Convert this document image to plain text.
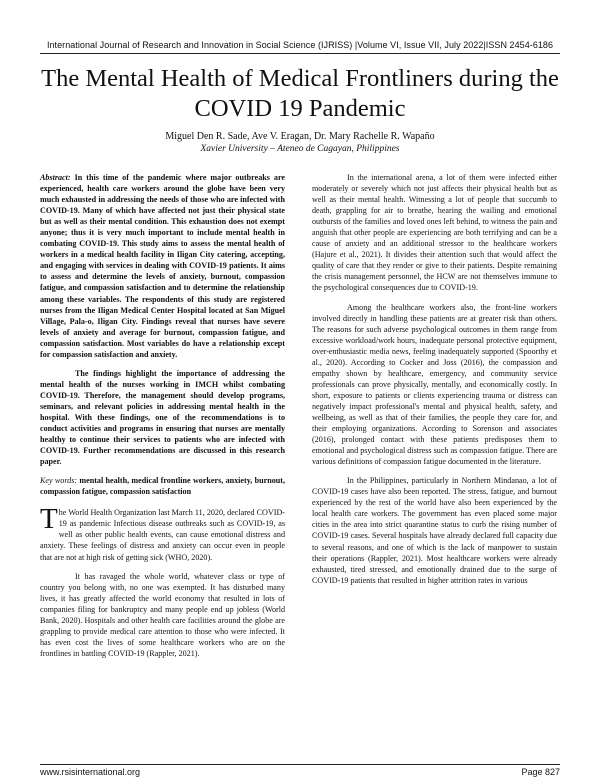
International Journal of Research and Innovation in Social Science (IJRISS) |Volume VI, Issue VII, July 2022|ISSN 2454-6186
The Mental Health of Medical Frontliners during the COVID 19 Pandemic
Miguel Den R. Sade, Ave V. Eragan, Dr. Mary Rachelle R. Wapaño
Xavier University – Ateneo de Cagayan, Philippines

Abstract: In this time of the pandemic where major outbreaks are experienced, health care workers around the globe have been very much exhausted in addressing the needs of those who are infected with COVID-19. Many of which have affected not just their physical state but as well as their mental condition. This exhaustion does not exempt anyone; thus it is very much important to include mental health in combating COVID-19. This study aims to assess the mental health of workers in a medical health facility in Iligan City catering, accepting, and engaging with services in dealing with COVID-19 patients. It aims to assess and determine the levels of anxiety, burnout, compassion fatigue, and compassion satisfaction and to determine the relationship among these variables. The respondents of this study are registered nurses from the Iligan Medical Center Hospital located at San Miguel Village, Pala-o, Iligan City. Findings reveal that nurses have severe levels of anxiety and average for burnout, compassion fatigue, and compassion satisfaction. Most variables do have a relationship except for compassion satisfaction and anxiety.

The findings highlight the importance of addressing the mental health of the nurses working in IMCH whilst combating COVID-19. Therefore, the management should develop programs, seminars, and relevant policies in addressing mental health in the hospital. With these findings, one of the recommendations is to conduct activities and programs in ensuring that nurses are mentally healthy to continue their services to patients who are infected with COVID-19. Further recommendations are discussed in this research paper.

Key words: mental health, medical frontline workers, anxiety, burnout, compassion fatigue, compassion satisfaction

The World Health Organization last March 11, 2020, declared COVID-19 as pandemic Infectious disease outbreaks such as COVID-19, as well as other public health events, can cause emotional distress and anxiety. These feelings of distress and anxiety can occur even in people that are not at high risk of getting sick (WHO, 2020).

It has ravaged the whole world, whatever class or type of country you belong with, no one was exempted. It has disturbed many lives, it has greatly affected the world economy that resulted in lots of companies filing for bankruptcy and many people end up jobless (World Bank, 2020). Hospitals and other health care facilities around the globe are grappling to provide medical care attention to those who were infected. It has even cost the lives of some healthcare workers who are on the frontlines in battling COVID-19 (Rappler, 2021).

In the international arena, a lot of them were infected either moderately or severely which not just affects their physical health but as well as their mental health. Witnessing a lot of people that succumb to death, grappling for air to breathe, hearing the wailing and emotional outbursts of the families and loved ones left behind, to witness the pain and anguish that other people are experiencing are both terrifying and can be a cause of anxiety and an additional stressor to the healthcare workers (Hajure et al., 2021). It divides their attention such that would affect the quality of care that they render or give to their patients. Despite remaining the crisis management personnel, the HCW are not themselves immune to the psychological consequences due to COVID-19.

Among the healthcare workers also, the front-line workers involved directly in handling these patients are at greater risk than others. The reasons for such adverse psychological outcomes in them range from excessive workload/work hours, inadequate personal protective equipment, over-enthusiastic media news, feeling inadequately supported (Spoorthy et al., 2020). According to Cocker and Joss (2016), the compassion and empathy shown by healthcare, emergency, and community service professionals can prove physically, mentally, and economically costly. In short, exposure to patients or clients experiencing trauma or distress can negatively impact professional's mental and physical health, safety, and wellbeing, as well as that of their families, the people they care for, and their employing organizations. According to Sorenson and associates (2016), prolonged contact with these patients predisposes them to emotional and psychological distress such as compassion fatigue. There are various definitions of compassion fatigue documented in the literature.

In the Philippines, particularly in Northern Mindanao, a lot of COVID-19 cases have also been reported. The stress, fatigue, and burnout experienced by the rest of the world have also been experienced by the local health care workers. The government has even placed some major cities in the area into strict quarantine status to curb the rising number of COVID-19 cases. Several hospitals have already declared full capacity due to several reasons, and one of which is the lack of manpower to sustain their operations (Rappler, 2021). Most healthcare workers were already exhausted, tired stressed, and emotionally drained due to the surge of COVID-19 patients that resulted in higher attrition rates in various

www.rsisinternational.org	Page 827
